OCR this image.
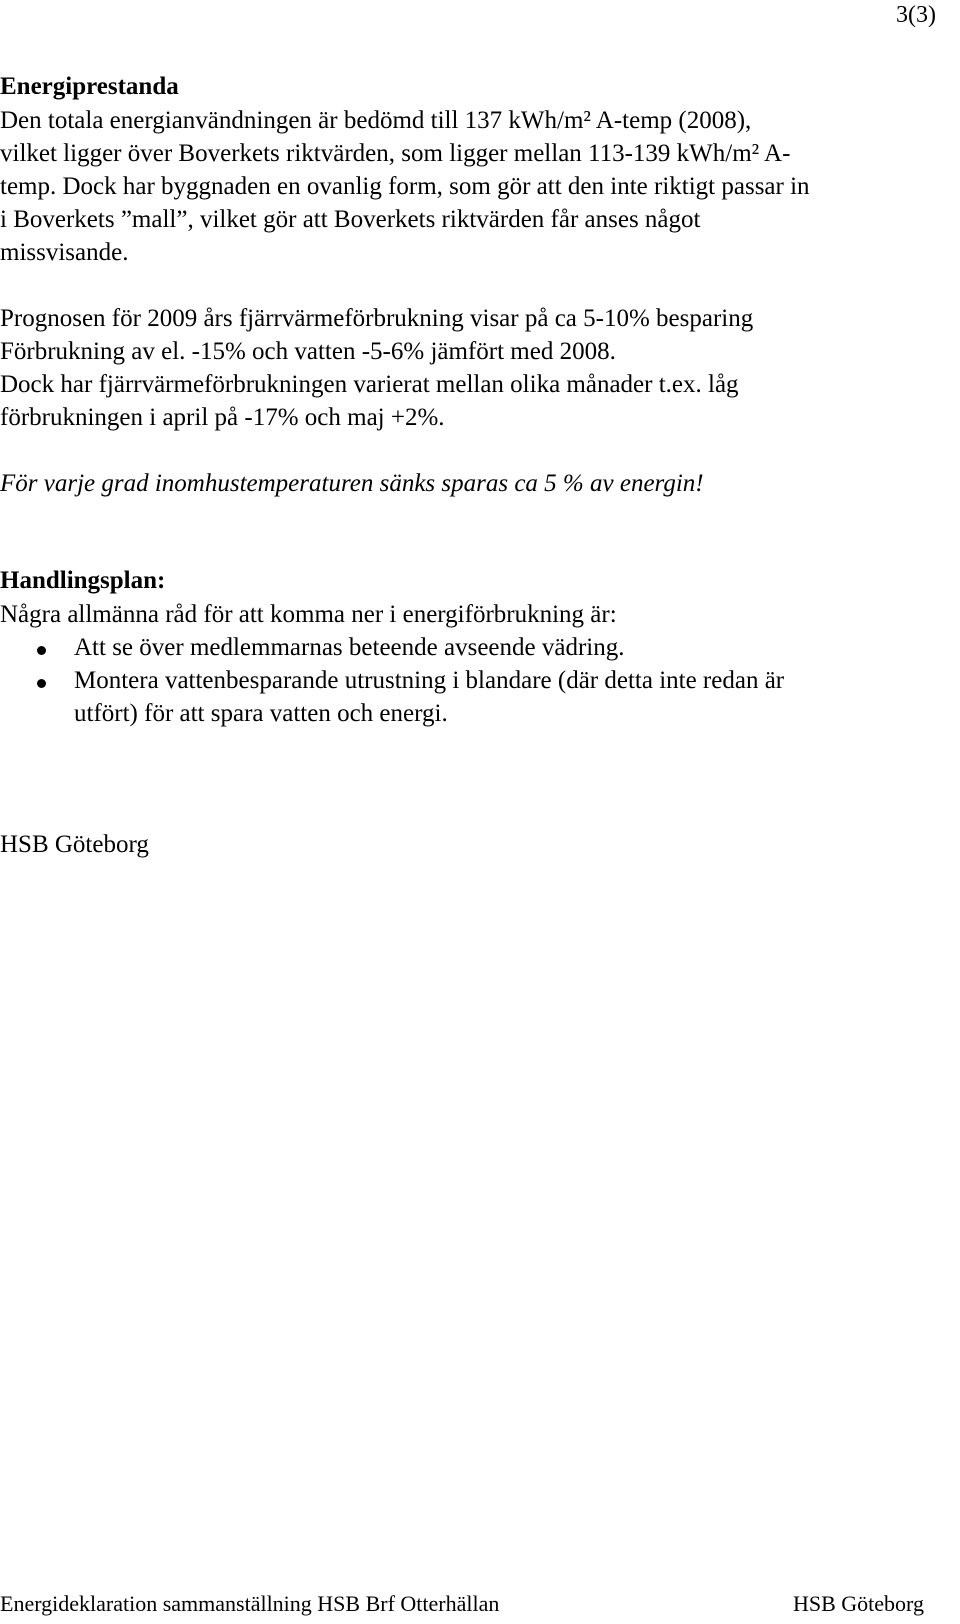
3(3)

Energiprestanda

Den totala energianvändningen är bedömd till 137 kWh/m² A-temp (2008),

vilket ligger över Boverkets riktvärden, som ligger mellan 113-139 kWh/m² A-

temp. Dock har byggnaden en ovanlig form, som gör att den inte riktigt passar in

i Boverkets ”mall”, vilket gör att Boverkets riktvärden får anses något

missvisande.

Prognosen för 2009 års fjärrvärmeförbrukning visar på ca 5-10% besparing

Förbrukning av el. -15% och vatten -5-6% jämfört med 2008.

Dock har fjärrvärmeförbrukningen varierat mellan olika månader t.ex. låg

förbrukningen i april på -17% och maj +2%.

För varje grad inomhustemperaturen sänks sparas ca 5 % av energin!

Handlingsplan:

Några allmänna råd för att komma ner i energiförbrukning är:

Att se över medlemmarnas beteende avseende vädring.

Montera vattenbesparande utrustning i blandare (där detta inte redan är

utfört) för att spara vatten och energi.

HSB Göteborg

Energideklaration sammanställning HSB Brf Otterhällan	HSB Göteborg
